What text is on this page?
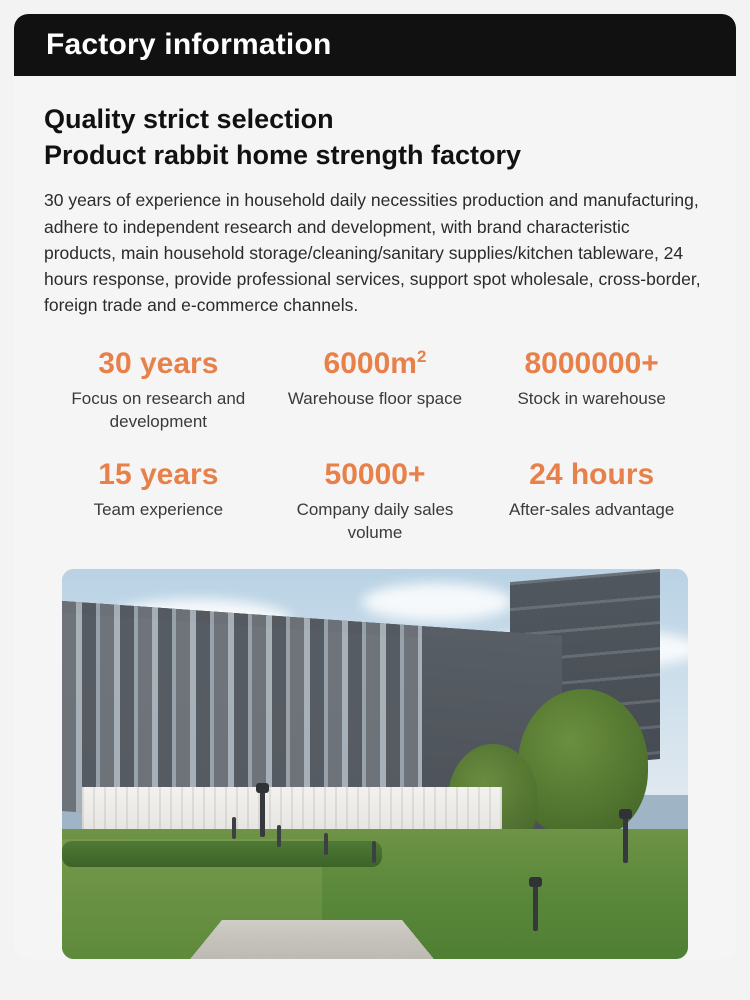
Factory information
Quality strict selection
Product rabbit home strength factory
30 years of experience in household daily necessities production and manufacturing, adhere to independent research and development, with brand characteristic products, main household storage/cleaning/sanitary supplies/kitchen tableware, 24 hours response, provide professional services, support spot wholesale, cross-border, foreign trade and e-commerce channels.
30 years
Focus on research and development
$6000m^2$
Warehouse floor space
8000000+
Stock in warehouse
15 years
Team experience
50000+
Company daily sales volume
24 hours
After-sales advantage
